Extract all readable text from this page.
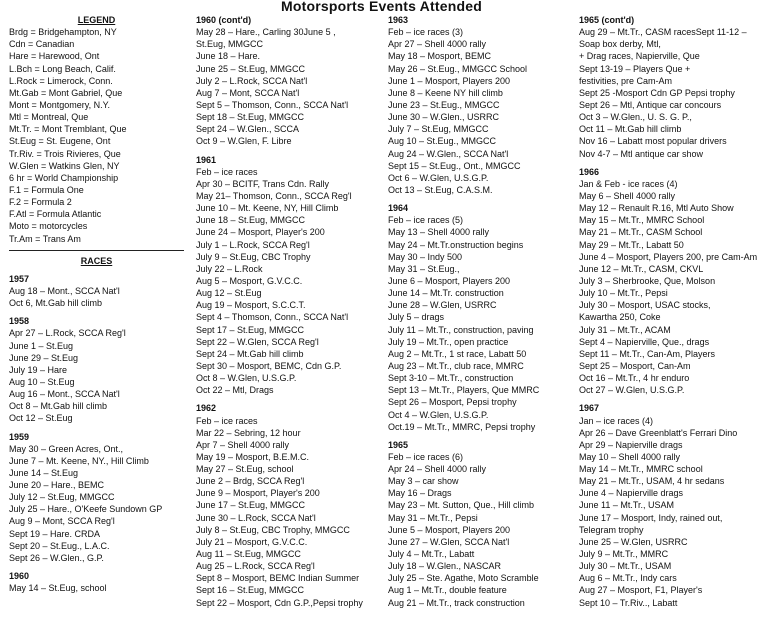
Motorsports Events Attended
LEGEND
Brdg = Bridgehampton, NY
Cdn = Canadian
Hare = Harewood, Ont
L.Bch = Long Beach, Calif.
L.Rock = Limerock, Conn.
Mt.Gab = Mont Gabriel, Que
Mont = Montgomery, N.Y.
Mtl = Montreal, Que
Mt.Tr. = Mont Tremblant, Que
St.Eug = St. Eugene, Ont
Tr.Riv. = Trois Rivieres, Que
W.Glen = Watkins Glen, NY
6 hr = World Championship
F.1 = Formula One
F.2 = Formula 2
F.Atl = Formula Atlantic
Moto = motorcycles
Tr.Am = Trans Am
RACES
1957
Aug 18 – Mont., SCCA Nat'l
Oct 6, Mt.Gab hill climb
1958
Apr 27 – L.Rock, SCCA Reg'l
June 1 – St.Eug
June 29 – St.Eug
July 19 – Hare
Aug 10 – St.Eug
Aug 16 – Mont., SCCA Nat'l
Oct 8 – Mt.Gab hill climb
Oct 12 – St.Eug
1959
May 30 – Green Acres, Ont.,
June 7 – Mt. Keene, NY., Hill Climb
June 14 – St.Eug
June 20 – Hare., BEMC
July 12 – St.Eug, MMGCC
July 25 – Hare., O'Keefe Sundown GP
Aug 9 – Mont, SCCA Reg'l
Sept 19 – Hare. CRDA
Sept 20 – St.Eug., L.A.C.
Sept 26 – W.Glen., G.P.
1960
May 14 – St.Eug, school
1960 (cont'd)
May 28 – Hare., Carling 30June 5 ,
St.Eug, MMGCC
June 18 – Hare.
June 25 – St.Eug, MMGCC
July 2 – L.Rock, SCCA Nat'l
Aug 7 – Mont, SCCA Nat'l
Sept 5 – Thomson, Conn., SCCA Nat'l
Sept 18 – St.Eug, MMGCC
Sept 24 – W.Glen., SCCA
Oct 9 – W.Glen, F. Libre
1961
Feb – ice races
Apr 30 – BCITF, Trans Cdn. Rally
May 21– Thomson, Conn., SCCA Reg'l
June 10 – Mt. Keene, NY, Hill Climb
June 18 – St.Eug, MMGCC
June 24 – Mosport, Player's 200
July 1 – L.Rock, SCCA Reg'l
July 9 – St.Eug, CBC Trophy
July 22 – L.Rock
Aug 5 – Mosport, G.V.C.C.
Aug 12 – St.Eug
Aug 19 – Mosport, S.C.C.T.
Sept 4 – Thomson, Conn., SCCA Nat'l
Sept 17 – St.Eug, MMGCC
Sept 22 – W.Glen, SCCA Reg'l
Sept 24 – Mt.Gab hill climb
Sept 30 – Mosport, BEMC, Cdn G.P.
Oct 8 – W.Glen, U.S.G.P.
Oct 22 – Mtl, Drags
1962
Feb – ice races
Mar 22 – Sebring, 12 hour
Apr 7 – Shell 4000 rally
May 19 – Mosport, B.E.M.C.
May 27 – St.Eug, school
June 2 – Brdg, SCCA Reg'l
June 9 – Mosport, Player's 200
June 17 – St.Eug, MMGCC
June 30 – L.Rock, SCCA Nat'l
July 8 – St.Eug, CBC Trophy, MMGCC
July 21 – Mosport, G.V.C.C.
Aug 11 – St.Eug, MMGCC
Aug 25 – L.Rock, SCCA Reg'l
Sept 8 – Mosport, BEMC Indian Summer
Sept 16 – St.Eug, MMGCC
Sept 22 – Mosport, Cdn G.P.,Pepsi trophy
1963
Feb – ice races (3)
Apr 27 – Shell 4000 rally
May 18 – Mosport, BEMC
May 26 – St.Eug., MMGCC School
June 1 – Mosport, Players 200
June 8 – Keene NY hill climb
June 23 – St.Eug., MMGCC
June 30 – W.Glen., USRRC
July 7 – St.Eug, MMGCC
Aug 10 – St.Eug., MMGCC
Aug 24 – W.Glen., SCCA Nat'l
Sept 15 – St.Eug., Ont., MMGCC
Oct 6 – W.Glen, U.S.G.P.
Oct 13 – St.Eug, C.A.S.M.
1964
Feb – ice races (5)
May 13 – Shell 4000 rally
May 24 – Mt.Tr.onstruction begins
May 30 – Indy 500
May 31 – St.Eug.,
June 6 – Mosport, Players 200
June 14 – Mt.Tr. construction
June 28 – W.Glen, USRRC
July 5 – drags
July 11 – Mt.Tr., construction, paving
July 19 – Mt.Tr., open practice
Aug 2 – Mt.Tr., 1 st race, Labatt 50
Aug 23 – Mt.Tr., club race, MMRC
Sept 3-10 – Mt.Tr., construction
Sept 13 – Mt.Tr., Players, Que MMRC
Sept 26 – Mosport, Pepsi trophy
Oct 4 – W.Glen, U.S.G.P.
Oct.19 – Mt.Tr., MMRC, Pepsi trophy
1965
Feb – ice races (6)
Apr 24 – Shell 4000 rally
May 3 – car show
May 16 – Drags
May 23 – Mt. Sutton, Que., Hill climb
May 31 – Mt.Tr., Pepsi
June 5 – Mosport, Players 200
June 27 – W.Glen, SCCA Nat'l
July 4 – Mt.Tr., Labatt
July 18 – W.Glen., NASCAR
July 25 – Ste. Agathe, Moto Scramble
Aug 1 – Mt.Tr., double feature
Aug 21 – Mt.Tr., track construction
1965 (cont'd)
Aug 29 – Mt.Tr., CASM racesSept 11-12 –
Soap box derby, Mtl,
+ Drag races, Napierville, Que
Sept 13-19 – Players Que +
festivities, pre Cam-Am
Sept 25 -Mosport Cdn GP Pepsi trophy
Sept 26 – Mtl, Antique car concours
Oct 3 – W.Glen., U. S. G. P.,
Oct 11 – Mt.Gab hill climb
Nov 16 – Labatt most popular drivers
Nov 4-7 – Mtl antique car show
1966
Jan & Feb - ice races (4)
May 6 – Shell 4000 rally
May 12 – Renault R.16, Mtl Auto Show
May 15 – Mt.Tr., MMRC School
May 21 – Mt.Tr., CASM School
May 29 – Mt.Tr., Labatt 50
June 4 – Mosport, Players 200, pre Cam-Am
June 12 – Mt.Tr., CASM, CKVL
July 3 – Sherbrooke, Que, Molson
July 10 – Mt.Tr., Pepsi
July 30 – Mosport, USAC stocks,
Kawartha 250, Coke
July 31 – Mt.Tr., ACAM
Sept 4 – Napierville, Que., drags
Sept 11 – Mt.Tr., Can-Am, Players
Sept 25 – Mosport, Can-Am
Oct 16 – Mt.Tr., 4 hr enduro
Oct 27 – W.Glen, U.S.G.P.
1967
Jan – ice races (4)
Apr 26 – Dave Greenblatt's Ferrari Dino
Apr 29 – Napierville drags
May 10 – Shell 4000 rally
May 14 – Mt.Tr., MMRC school
May 21 – Mt.Tr., USAM, 4 hr sedans
June 4 – Napierville drags
June 11 – Mt.Tr., USAM
June 17 – Mosport, Indy, rained out,
Telegram trophy
June 25 – W.Glen, USRRC
July 9 – Mt.Tr., MMRC
July 30 – Mt.Tr., USAM
Aug 6 – Mt.Tr., Indy cars
Aug 27 – Mosport, F1, Player's
Sept 10 – Tr.Riv.., Labatt
